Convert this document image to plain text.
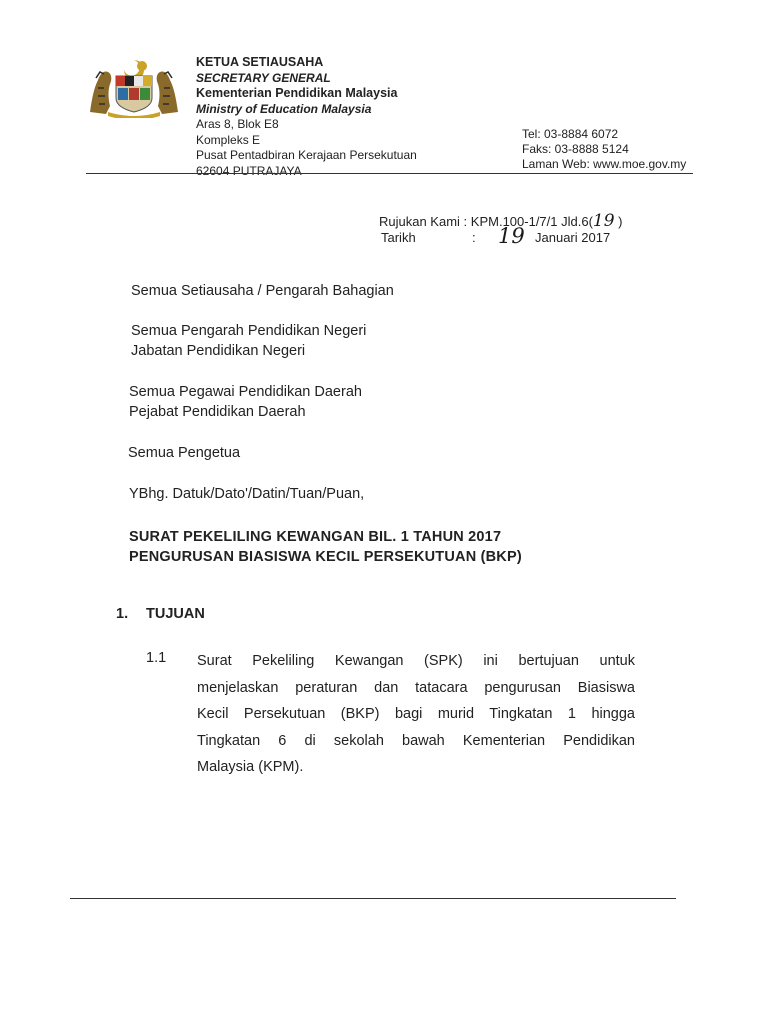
KETUA SETIAUSAHA
SECRETARY GENERAL
Kementerian Pendidikan Malaysia
Ministry of Education Malaysia
Aras 8, Blok E8
Kompleks E
Pusat Pentadbiran Kerajaan Persekutuan
62604 PUTRAJAYA
Tel: 03-8884 6072
Faks: 03-8888 5124
Laman Web: www.moe.gov.my
Rujukan Kami : KPM.100-1/7/1 Jld.6(19 )
Tarikh	: 19 Januari 2017
Semua Setiausaha / Pengarah Bahagian
Semua Pengarah Pendidikan Negeri
Jabatan Pendidikan Negeri
Semua Pegawai Pendidikan Daerah
Pejabat Pendidikan Daerah
Semua Pengetua
YBhg. Datuk/Dato'/Datin/Tuan/Puan,
SURAT PEKELILING KEWANGAN BIL. 1 TAHUN 2017
PENGURUSAN BIASISWA KECIL PERSEKUTUAN (BKP)
1. TUJUAN
1.1 Surat Pekeliling Kewangan (SPK) ini bertujuan untuk
menjelaskan peraturan dan tatacara pengurusan Biasiswa
Kecil Persekutuan (BKP) bagi murid Tingkatan 1 hingga
Tingkatan 6 di sekolah bawah Kementerian Pendidikan
Malaysia (KPM).
